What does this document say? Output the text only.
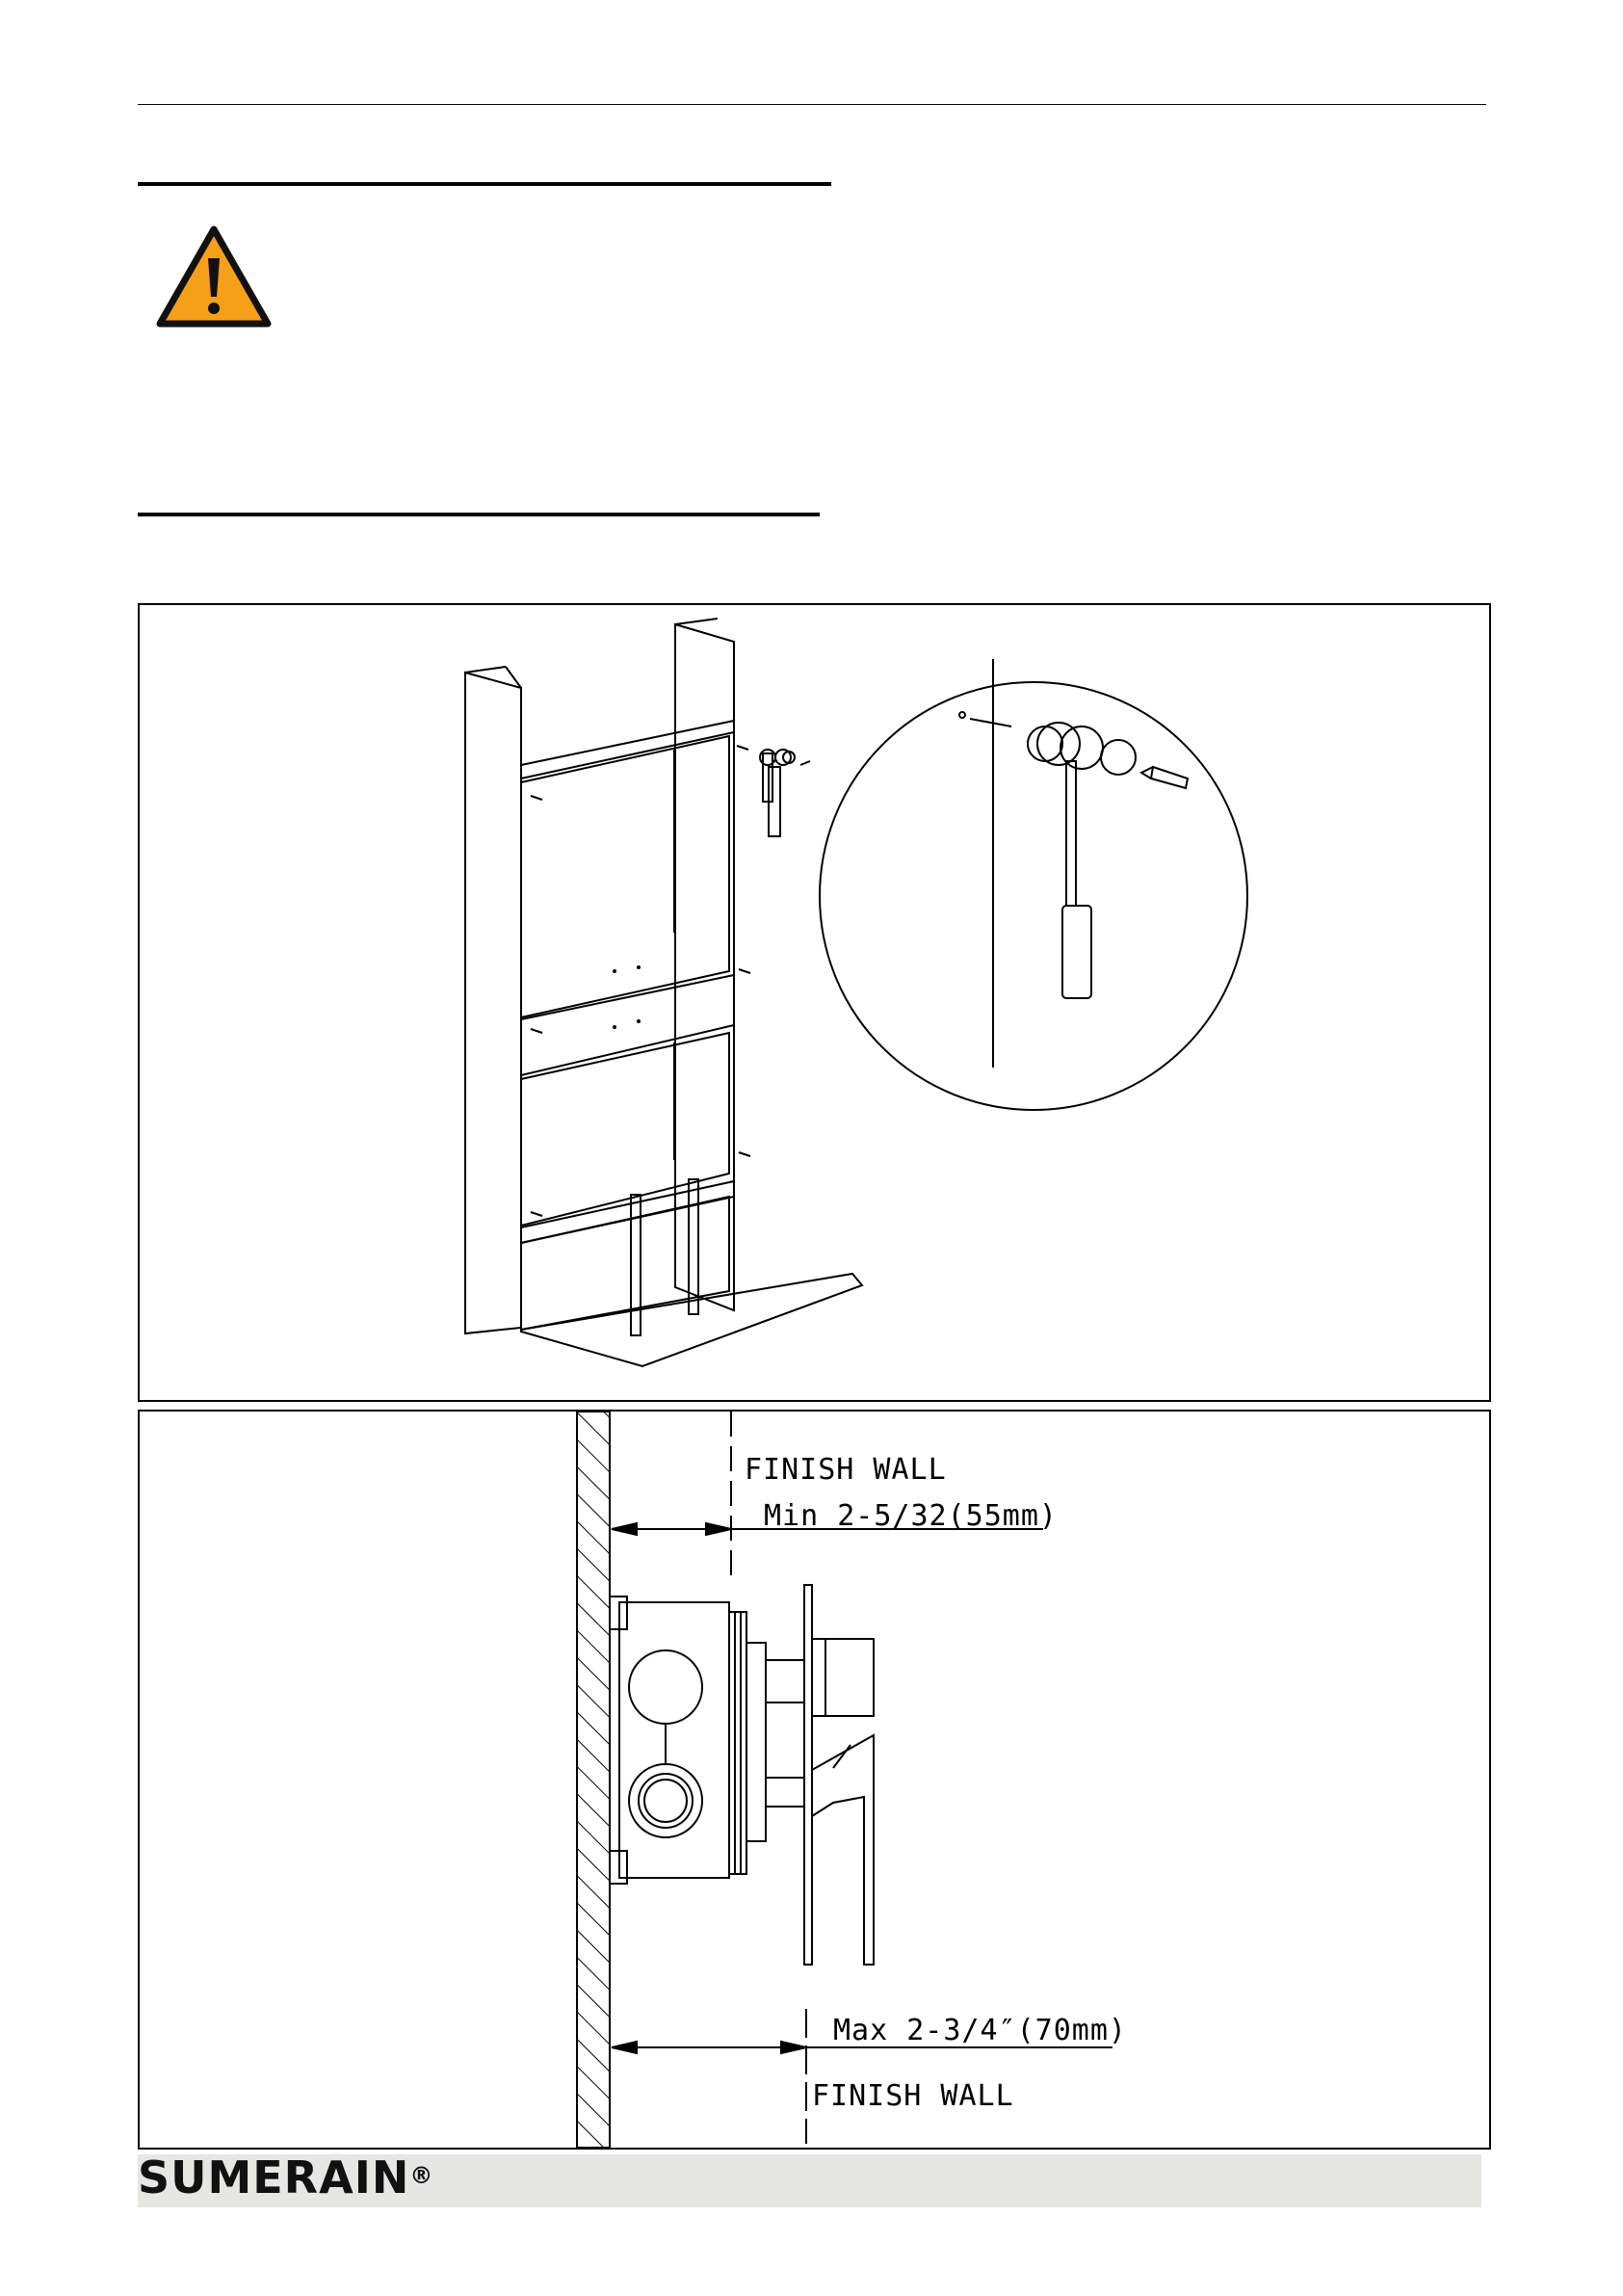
FINISH WALL
Min 2-5/32(55mm)
Max 2-3/4″(70mm)
FINISH WALL
SUMERAIN®
